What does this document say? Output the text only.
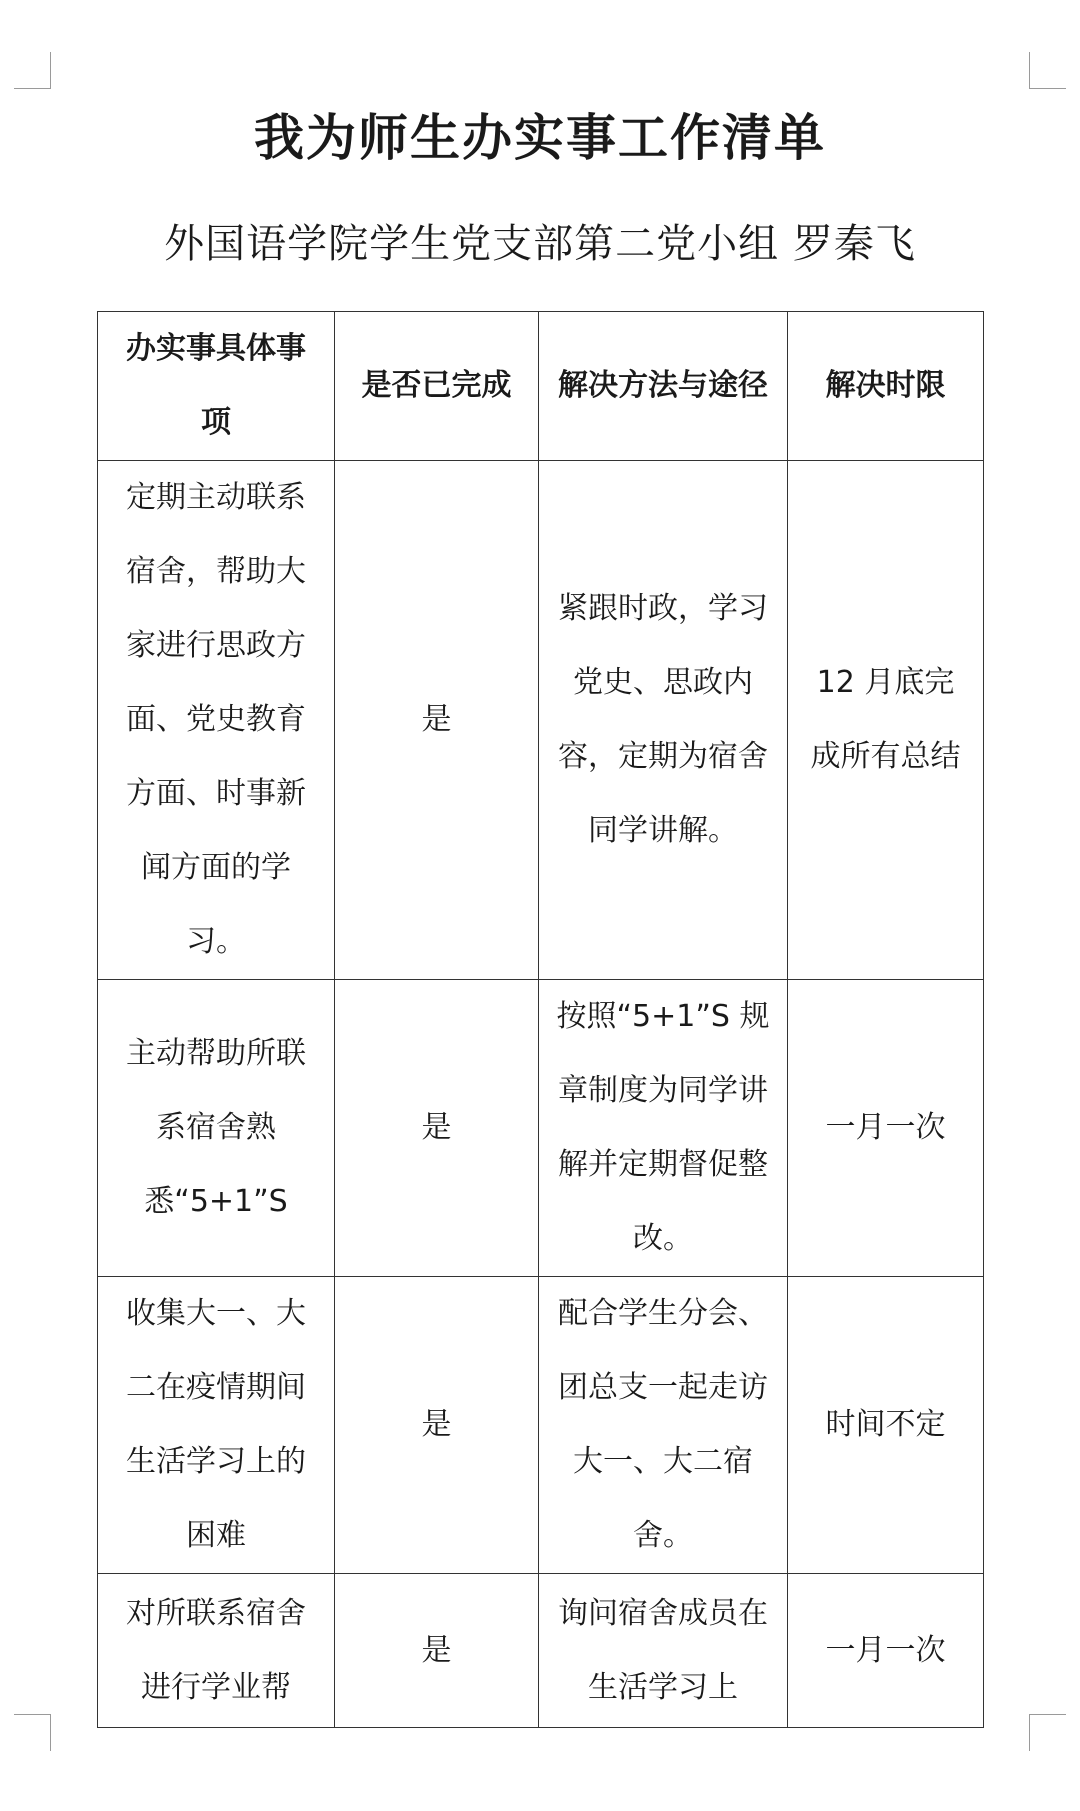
我为师生办实事工作清单
外国语学院学生党支部第二党小组 罗秦飞
办实事具体事项	是否已完成	解决方法与途径	解决时限

定期主动联系宿舍，帮助大家进行思政方面、党史教育方面、时事新闻方面的学习。	是	紧跟时政，学习党史、思政内容，定期为宿舍同学讲解。	12 月底完成所有总结

主动帮助所联系宿舍熟悉“5+1”S	是	按照“5+1”S 规章制度为同学讲解并定期督促整改。	一月一次

收集大一、大二在疫情期间生活学习上的困难	是	配合学生分会、团总支一起走访大一、大二宿舍。	时间不定

对所联系宿舍进行学业帮	是	询问宿舍成员在生活学习上	一月一次
